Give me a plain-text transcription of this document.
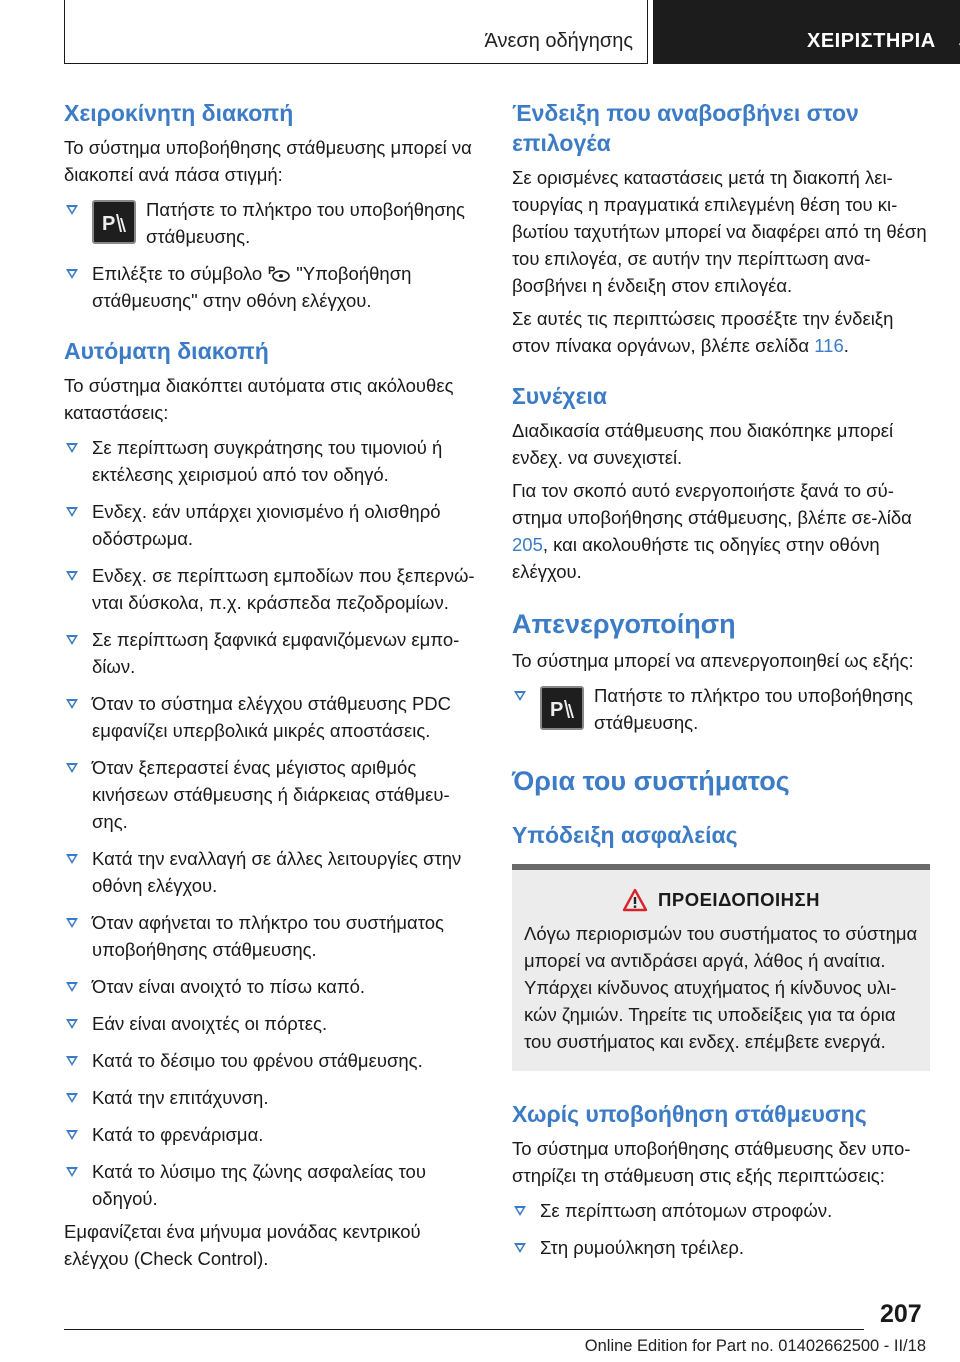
Άνεση οδήγησης	ΧΕΙΡΙΣΤΗΡΙΑ
Χειροκίνητη διακοπή

Το σύστημα υποβοήθησης στάθμευσης μπορεί να διακοπεί ανά πάσα στιγμή:

P
Πατήστε το πλήκτρο του υποβοήθησης στάθμευσης.
Επιλέξτε το σύμβολο P "Υποβοήθηση στάθμευσης" στην οθόνη ελέγχου.
Αυτόματη διακοπή

Το σύστημα διακόπτει αυτόματα στις ακόλουθες καταστάσεις:

Σε περίπτωση συγκράτησης του τιμονιού ή εκτέλεσης χειρισμού από τον οδηγό.
Ενδεχ. εάν υπάρχει χιονισμένο ή ολισθηρό οδόστρωμα.
Ενδεχ. σε περίπτωση εμποδίων που ξεπερνώ-νται δύσκολα, π.χ. κράσπεδα πεζοδρομίων.
Σε περίπτωση ξαφνικά εμφανιζόμενων εμπο-δίων.
Όταν το σύστημα ελέγχου στάθμευσης PDC εμφανίζει υπερβολικά μικρές αποστάσεις.
Όταν ξεπεραστεί ένας μέγιστος αριθμός κινήσεων στάθμευσης ή διάρκειας στάθμευ-σης.
Κατά την εναλλαγή σε άλλες λειτουργίες στην οθόνη ελέγχου.
Όταν αφήνεται το πλήκτρο του συστήματος υποβοήθησης στάθμευσης.
Όταν είναι ανοιχτό το πίσω καπό.
Εάν είναι ανοιχτές οι πόρτες.
Κατά το δέσιμο του φρένου στάθμευσης.
Κατά την επιτάχυνση.
Κατά το φρενάρισμα.
Κατά το λύσιμο της ζώνης ασφαλείας του οδηγού.

Εμφανίζεται ένα μήνυμα μονάδας κεντρικού ελέγχου (Check Control).

Ένδειξη που αναβοσβήνει στον επιλογέα

Σε ορισμένες καταστάσεις μετά τη διακοπή λει-τουργίας η πραγματικά επιλεγμένη θέση του κι-βωτίου ταχυτήτων μπορεί να διαφέρει από τη θέση του επιλογέα, σε αυτήν την περίπτωση ανα-βοσβήνει η ένδειξη στον επιλογέα.

Σε αυτές τις περιπτώσεις προσέξτε την ένδειξη στον πίνακα οργάνων, βλέπε σελίδα 116.

Συνέχεια

Διαδικασία στάθμευσης που διακόπηκε μπορεί ενδεχ. να συνεχιστεί.

Για τον σκοπό αυτό ενεργοποιήστε ξανά το σύ-στημα υποβοήθησης στάθμευσης, βλέπε σε-λίδα 205, και ακολουθήστε τις οδηγίες στην οθόνη ελέγχου.

Απενεργοποίηση

Το σύστημα μπορεί να απενεργοποιηθεί ως εξής:

P
Πατήστε το πλήκτρο του υποβοήθησης στάθμευσης.
Όρια του συστήματος
Υπόδειξη ασφαλείας
ΠΡΟΕΙΔΟΠΟΙΗΣΗ

Λόγω περιορισμών του συστήματος το σύστημα μπορεί να αντιδράσει αργά, λάθος ή αναίτια. Υπάρχει κίνδυνος ατυχήματος ή κίνδυνος υλι-κών ζημιών. Τηρείτε τις υποδείξεις για τα όρια του συστήματος και ενδεχ. επέμβετε ενεργά.

Χωρίς υποβοήθηση στάθμευσης

Το σύστημα υποβοήθησης στάθμευσης δεν υπο-στηρίζει τη στάθμευση στις εξής περιπτώσεις:

Σε περίπτωση απότομων στροφών.
Στη ρυμούλκηση τρέιλερ.
207
Online Edition for Part no. 01402662500 - II/18
